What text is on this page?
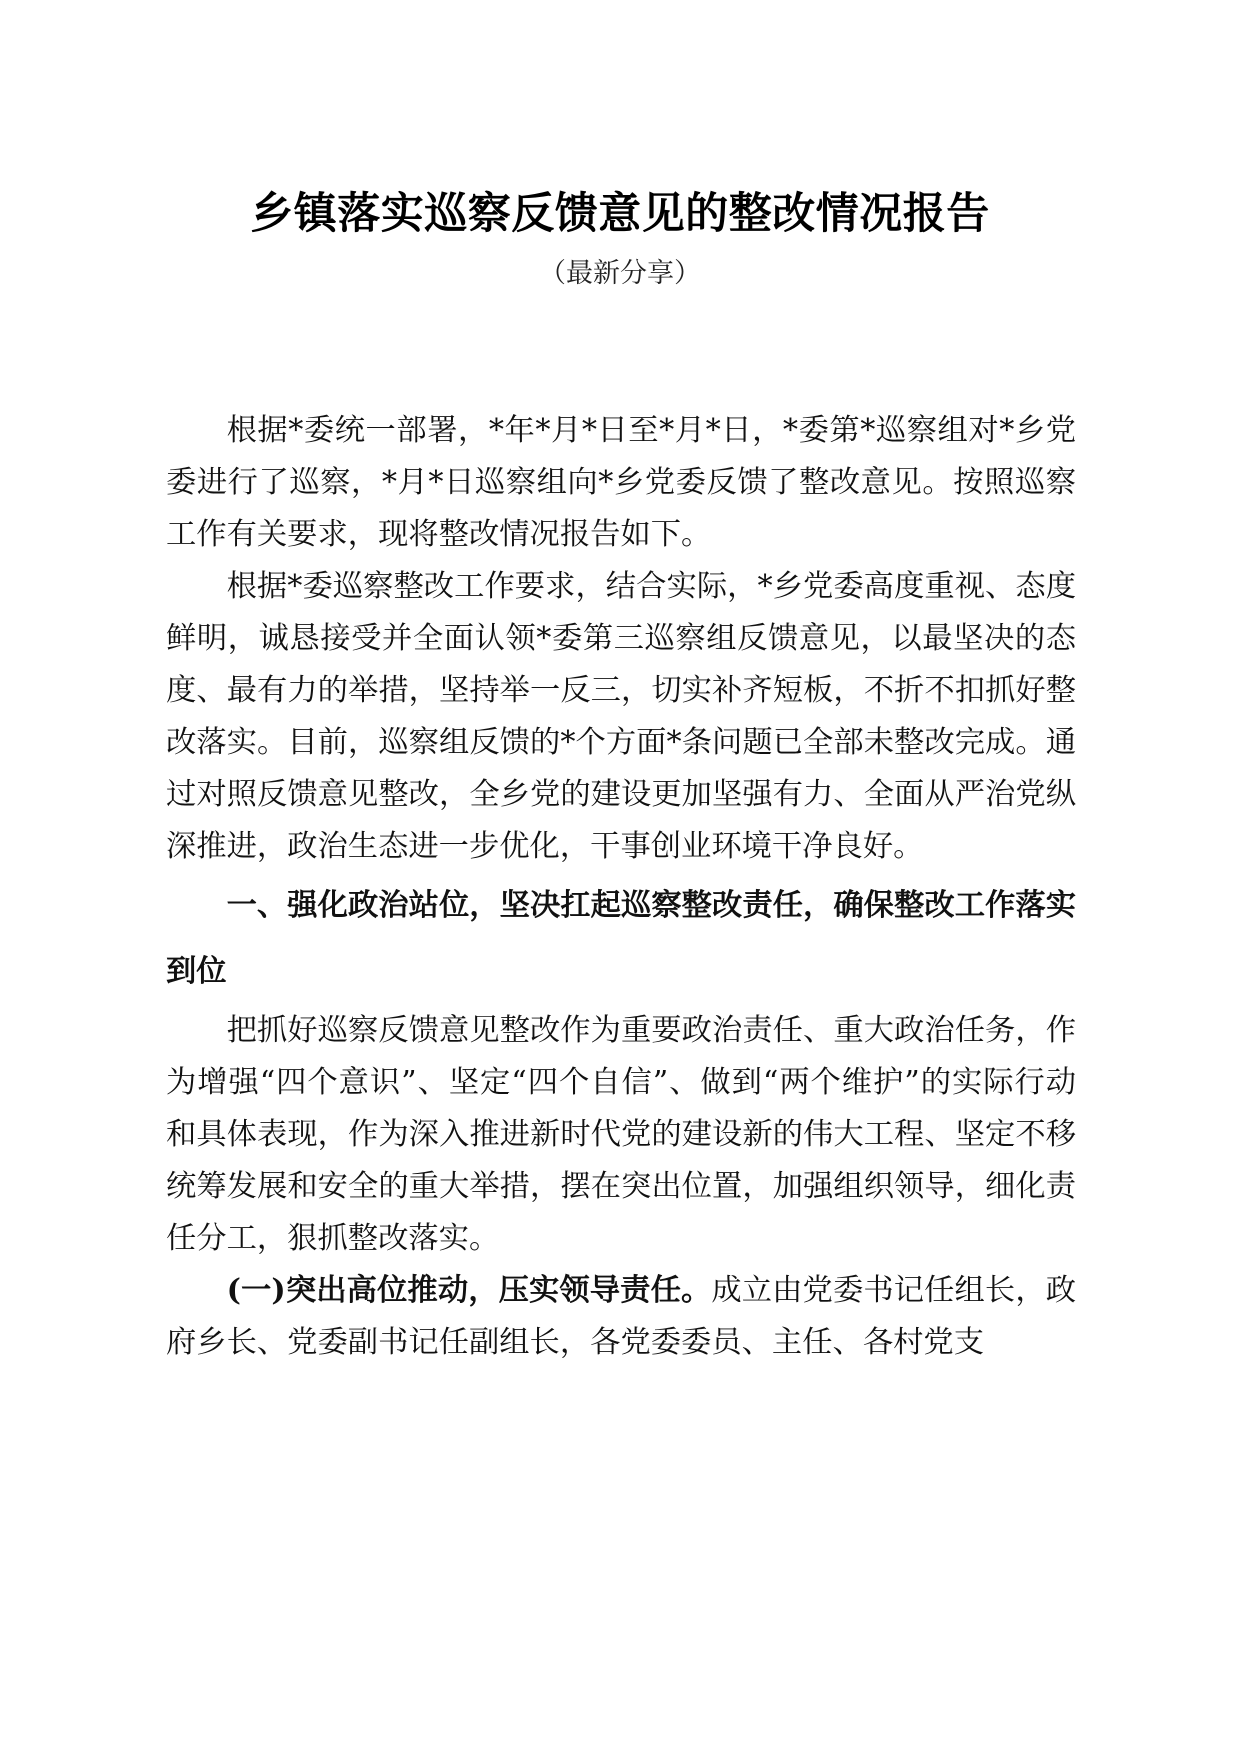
乡镇落实巡察反馈意见的整改情况报告
（最新分享）

根据*委统一部署，*年*月*日至*月*日，*委第*巡察组对*乡党委进行了巡察，*月*日巡察组向*乡党委反馈了整改意见。按照巡察工作有关要求，现将整改情况报告如下。

根据*委巡察整改工作要求，结合实际，*乡党委高度重视、态度鲜明，诚恳接受并全面认领*委第三巡察组反馈意见，以最坚决的态度、最有力的举措，坚持举一反三，切实补齐短板，不折不扣抓好整改落实。目前，巡察组反馈的*个方面*条问题已全部未整改完成。通过对照反馈意见整改，全乡党的建设更加坚强有力、全面从严治党纵深推进，政治生态进一步优化，干事创业环境干净良好。

一、强化政治站位，坚决扛起巡察整改责任，确保整改工作落实到位

把抓好巡察反馈意见整改作为重要政治责任、重大政治任务，作为增强“四个意识”、坚定“四个自信”、做到“两个维护”的实际行动和具体表现，作为深入推进新时代党的建设新的伟大工程、坚定不移统筹发展和安全的重大举措，摆在突出位置，加强组织领导，细化责任分工，狠抓整改落实。

(一)突出高位推动，压实领导责任。成立由党委书记任组长，政府乡长、党委副书记任副组长，各党委委员、主任、各村党支
